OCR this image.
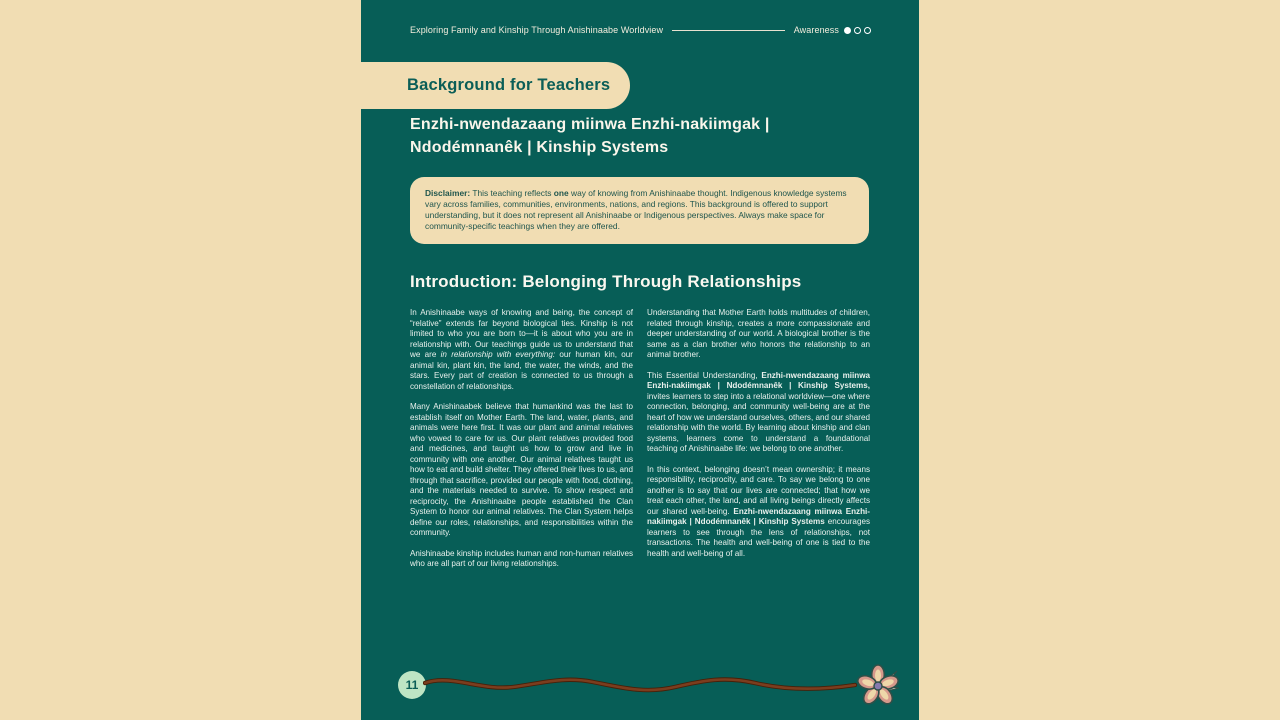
Exploring Family and Kinship Through Anishinaabe Worldview	Awareness
Background for Teachers
Enzhi-nwendazaang miinwa Enzhi-nakiimgak |
Ndodémnanêk | Kinship Systems
Disclaimer: This teaching reflects one way of knowing from Anishinaabe thought. Indigenous knowledge systems vary across families, communities, environments, nations, and regions. This background is offered to support understanding, but it does not represent all Anishinaabe or Indigenous perspectives. Always make space for community-specific teachings when they are offered.
Introduction: Belonging Through Relationships

In Anishinaabe ways of knowing and being, the concept of “relative” extends far beyond biological ties. Kinship is not limited to who you are born to—it is about who you are in relationship with. Our teachings guide us to understand that we are in relationship with everything: our human kin, our animal kin, plant kin, the land, the water, the winds, and the stars. Every part of creation is connected to us through a constellation of relationships.

Many Anishinaabek believe that humankind was the last to establish itself on Mother Earth. The land, water, plants, and animals were here first. It was our plant and animal relatives who vowed to care for us. Our plant relatives provided food and medicines, and taught us how to grow and live in community with one another. Our animal relatives taught us how to eat and build shelter. They offered their lives to us, and through that sacrifice, provided our people with food, clothing, and the materials needed to survive. To show respect and reciprocity, the Anishinaabe people established the Clan System to honor our animal relatives. The Clan System helps define our roles, relationships, and responsibilities within the community.

Anishinaabe kinship includes human and non-human relatives who are all part of our living relationships.

Understanding that Mother Earth holds multitudes of children, related through kinship, creates a more compassionate and deeper understanding of our world. A biological brother is the same as a clan brother who honors the relationship to an animal brother.

This Essential Understanding, Enzhi-nwendazaang miinwa Enzhi-nakiimgak | Ndodémnanêk | Kinship Systems, invites learners to step into a relational worldview—one where connection, belonging, and community well-being are at the heart of how we understand ourselves, others, and our shared relationship with the world. By learning about kinship and clan systems, learners come to understand a foundational teaching of Anishinaabe life: we belong to one another.

In this context, belonging doesn’t mean ownership; it means responsibility, reciprocity, and care. To say we belong to one another is to say that our lives are connected; that how we treat each other, the land, and all living beings directly affects our shared well-being. Enzhi-nwendazaang miinwa Enzhi-nakiimgak | Ndodémnanêk | Kinship Systems encourages learners to see through the lens of relationships, not transactions. The health and well-being of one is tied to the health and well-being of all.

11
